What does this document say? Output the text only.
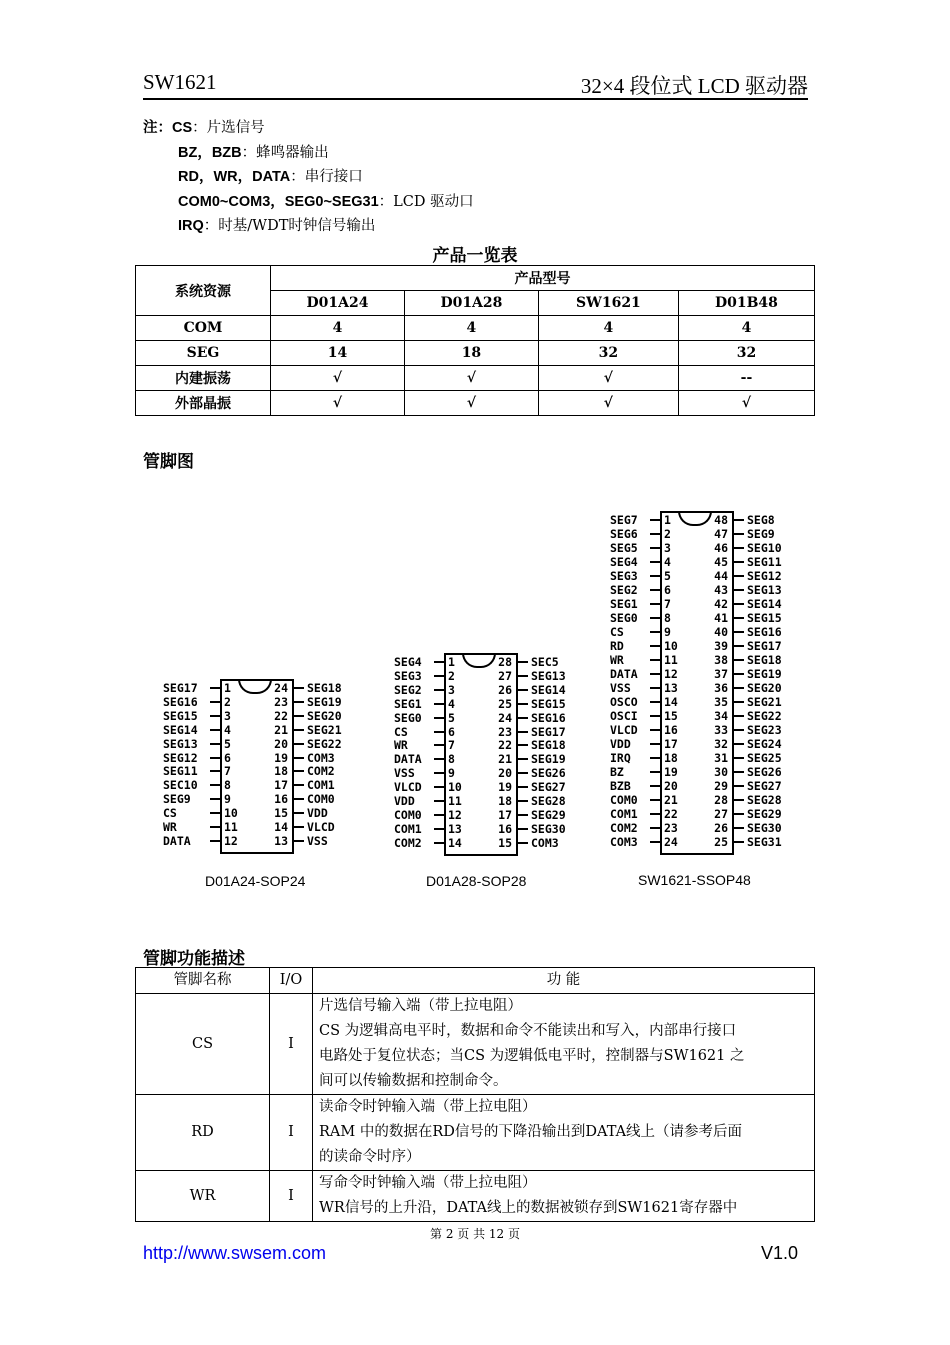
SW1621	32×4 段位式 LCD 驱动器
注：CS：片选信号
BZ，BZB：蜂鸣器输出
RD，WR，DATA：串行接口
COM0~COM3，SEG0~SEG31：LCD 驱动口
IRQ：时基/WDT时钟信号输出
产品一览表
系统资源	产品型号			
	D01A24	D01A28	SW1621	D01B48
COM	4	4	4	4
SEG	14	18	32	32
内建振荡	√	√	√	--
外部晶振	√	√	√	√
管脚图
SEG17 1	24 SEG18
SEG16 2	23 SEG19
SEG15 3	22 SEG20
SEG14 4	21 SEG21
SEG13 5	20 SEG22
SEG12 6	19 COM3
SEG11 7	18 COM2
SEC10 8	17 COM1
SEG9	9	16 COM0
CS	10	15 VDD
WR	11	14 VLCD
DATA	12	13 VSS
SEG4 1	28 SEC5
SEG3 2	27 SEG13
SEG2 3	26 SEG14
SEG1 4	25 SEG15
SEG0 5	24 SEG16
CS	6	23 SEG17
WR	7	22 SEG18
DATA 8	21 SEG19
VSS	9	20 SEG26
VLCD 10	19 SEG27
VDD	11	18 SEG28
COM0 12	17 SEG29
COM1 13	16 SEG30
COM2 14	15 COM3
SEG7 1	48 SEG8
SEG6 2	47 SEG9
SEG5 3	46 SEG10
SEG4 4	45 SEG11
SEG3 5	44 SEG12
SEG2 6	43 SEG13
SEG1 7	42 SEG14
SEG0 8	41 SEG15
CS	9	40 SEG16
RD	10	39 SEG17
WR	11	38 SEG18
DATA 12	37 SEG19
VSS	13	36 SEG20
OSCO 14	35 SEG21
OSCI 15	34 SEG22
VLCD 16	33 SEG23
VDD	17	32 SEG24
IRQ	18	31 SEG25
BZ	19	30 SEG26
BZB	20	29 SEG27
COM0 21	28 SEG28
COM1 22	27 SEG29
COM2 23	26 SEG30
COM3 24	25 SEG31
D01A24-SOP24	D01A28-SOP28	SW1621-SSOP48
管脚功能描述
管脚名称	I/O	功 能
CS	I	片选信号输入端（带上拉电阻）
CS 为逻辑高电平时，数据和命令不能读出和写入，内部串行接口
电路处于复位状态；当CS 为逻辑低电平时，控制器与SW1621 之
间可以传输数据和控制命令。

RD	I	读命令时钟输入端（带上拉电阻）
RAM 中的数据在RD信号的下降沿输出到DATA线上（请参考后面
的读命令时序）

WR	I	写命令时钟输入端（带上拉电阻）
WR信号的上升沿，DATA线上的数据被锁存到SW1621寄存器中
第 2 页 共 12 页
http://www.swsem.com	V1.0
